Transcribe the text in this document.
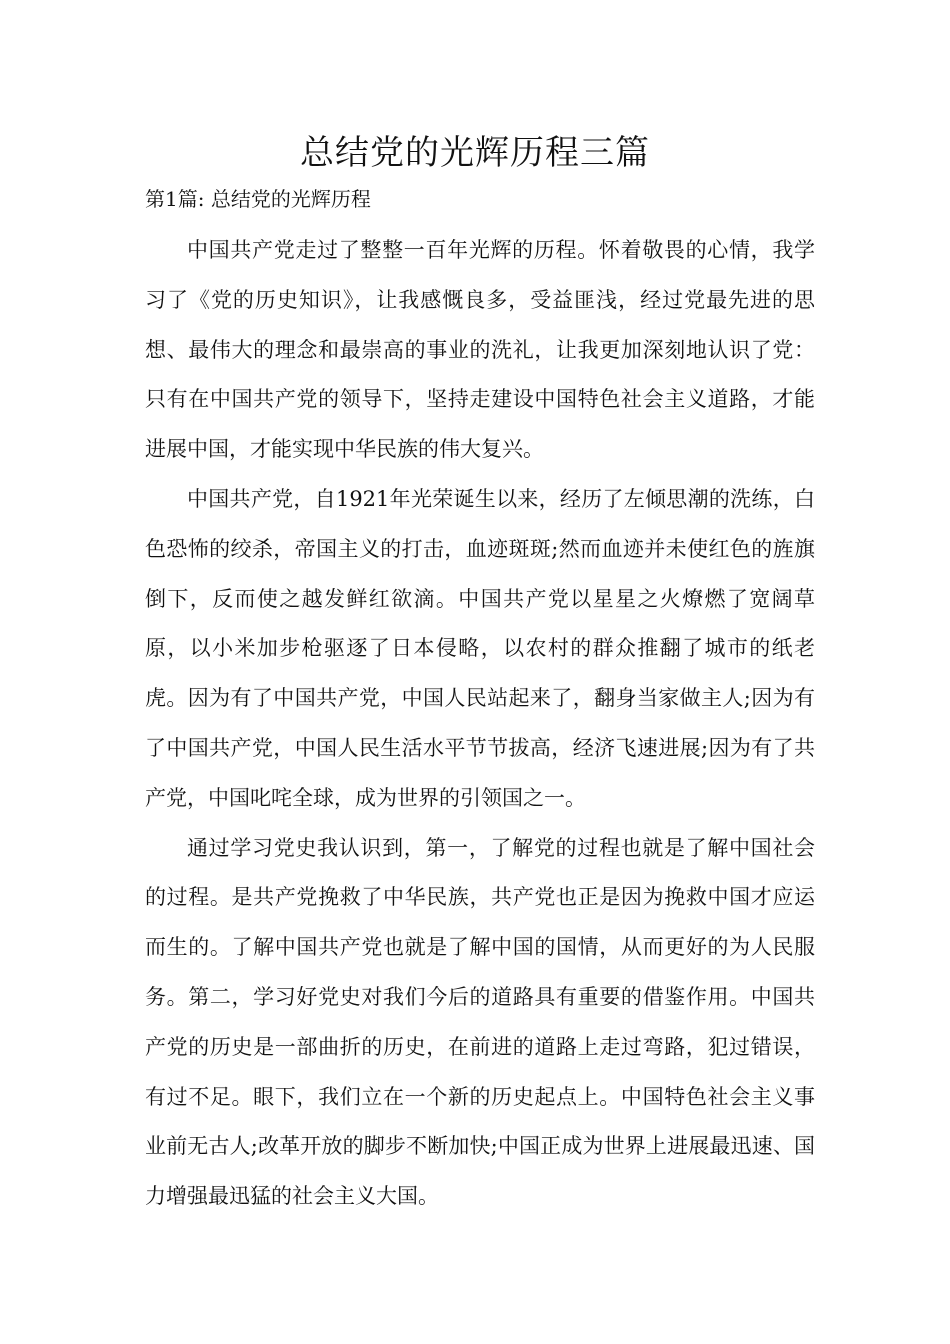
总结党的光辉历程三篇
第1篇: 总结党的光辉历程

中国共产党走过了整整一百年光辉的历程。怀着敬畏的心情，我学习了《党的历史知识》，让我感慨良多，受益匪浅，经过党最先进的思想、最伟大的理念和最崇高的事业的洗礼，让我更加深刻地认识了党：只有在中国共产党的领导下，坚持走建设中国特色社会主义道路，才能进展中国，才能实现中华民族的伟大复兴。

中国共产党，自1921年光荣诞生以来，经历了左倾思潮的洗练，白色恐怖的绞杀，帝国主义的打击，血迹斑斑;然而血迹并未使红色的旌旗倒下，反而使之越发鲜红欲滴。中国共产党以星星之火燎燃了宽阔草原，以小米加步枪驱逐了日本侵略，以农村的群众推翻了城市的纸老虎。因为有了中国共产党，中国人民站起来了，翻身当家做主人;因为有了中国共产党，中国人民生活水平节节拔高，经济飞速进展;因为有了共产党，中国叱咤全球，成为世界的引领国之一。

通过学习党史我认识到，第一，了解党的过程也就是了解中国社会的过程。是共产党挽救了中华民族，共产党也正是因为挽救中国才应运而生的。了解中国共产党也就是了解中国的国情，从而更好的为人民服务。第二，学习好党史对我们今后的道路具有重要的借鉴作用。中国共产党的历史是一部曲折的历史，在前进的道路上走过弯路，犯过错误，有过不足。眼下，我们立在一个新的历史起点上。中国特色社会主义事业前无古人;改革开放的脚步不断加快;中国正成为世界上进展最迅速、国力增强最迅猛的社会主义大国。
